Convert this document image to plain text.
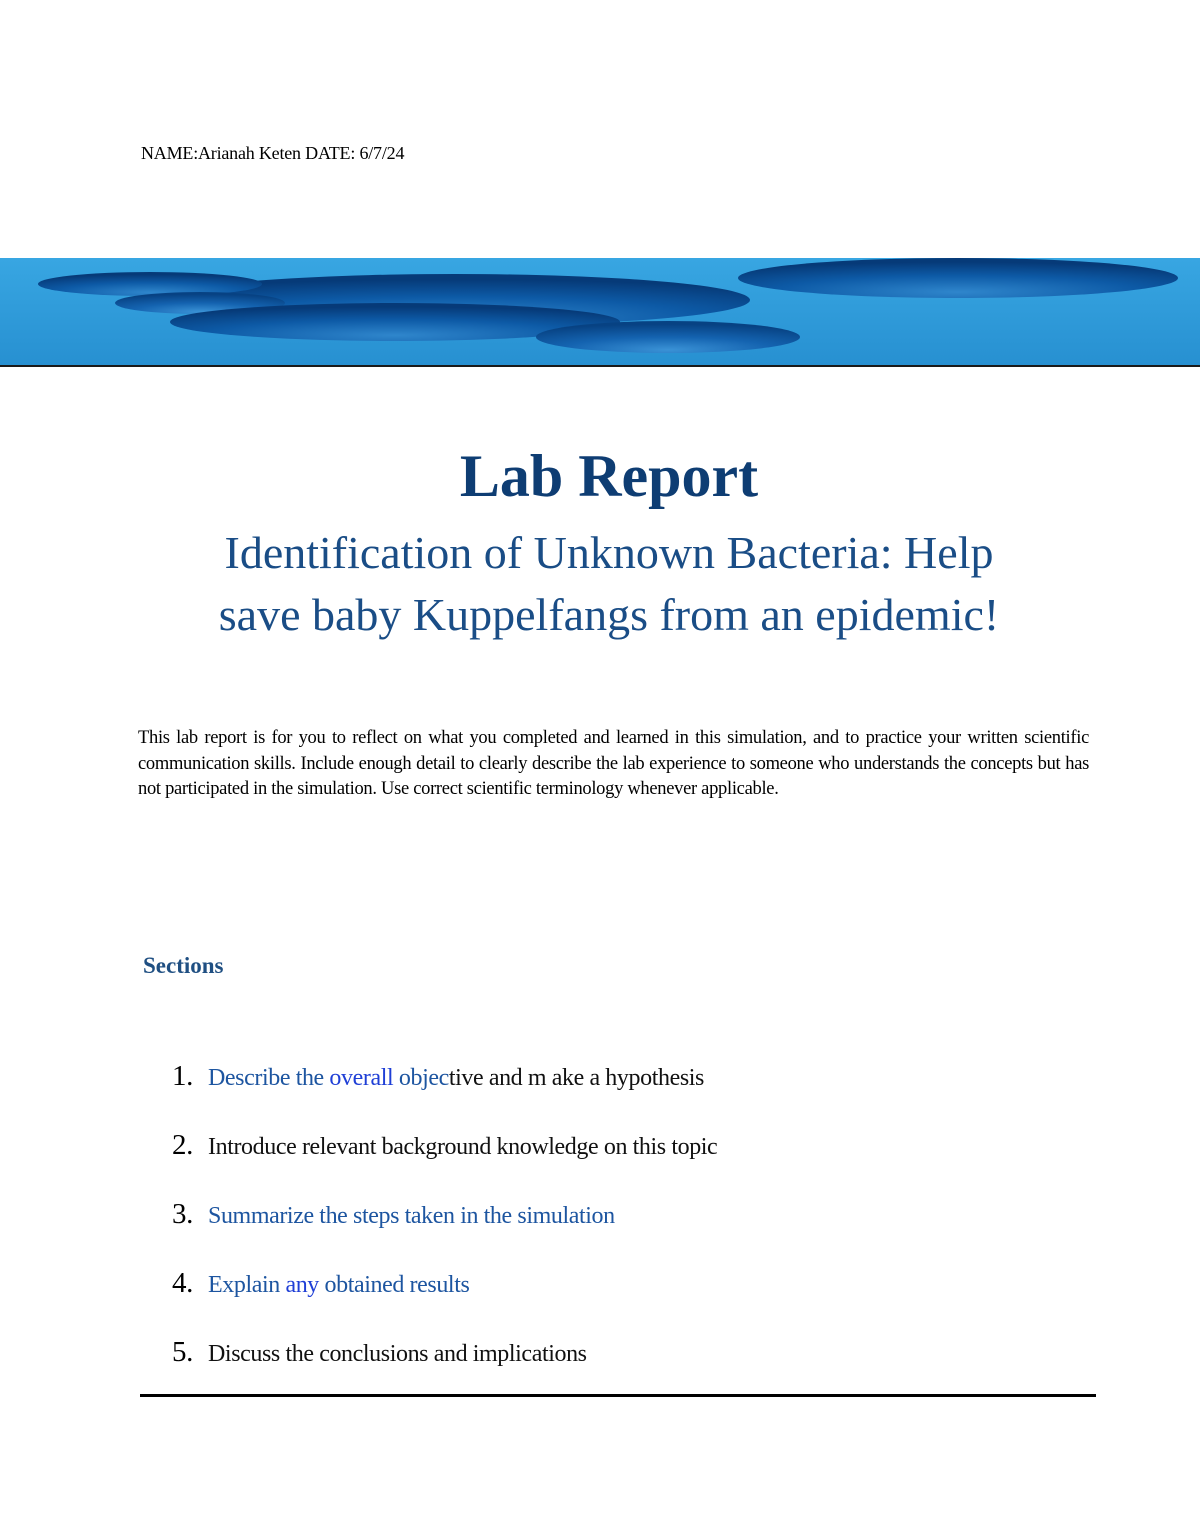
NAME:Arianah Keten DATE: 6/7/24
Lab Report
Identification of Unknown Bacteria: Help
save baby Kuppelfangs from an epidemic!
This lab report is for you to reflect on what you completed and learned in this simulation, and to practice your written scientific communication skills. Include enough detail to clearly describe the lab experience to someone who understands the concepts but has not participated in the simulation. Use correct scientific terminology whenever applicable.
Sections
1. Describe the overall objective and m ake a hypothesis
2. Introduce relevant background knowledge on this topic
3. Summarize the steps taken in the simulation
4. Explain any obtained results
5. Discuss the conclusions and implications
